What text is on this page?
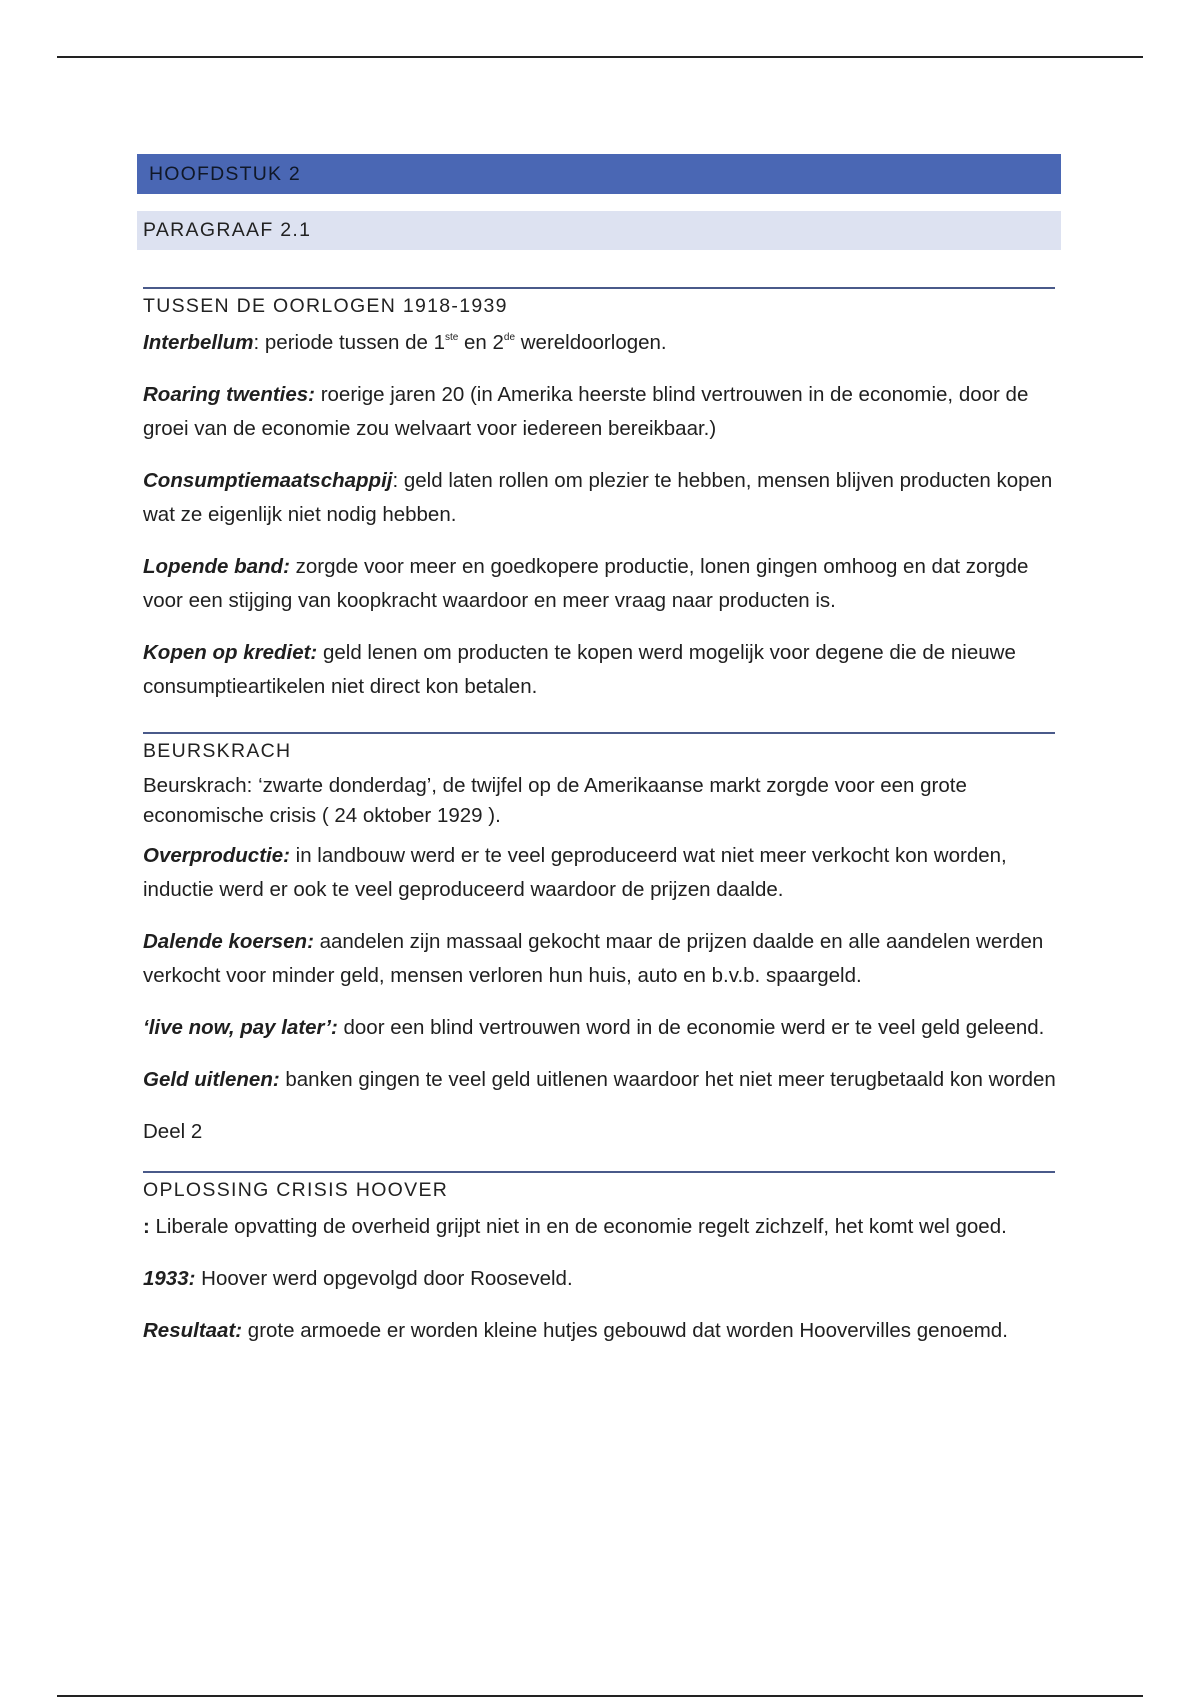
HOOFDSTUK 2
PARAGRAAF 2.1
TUSSEN DE OORLOGEN 1918-1939
Interbellum: periode tussen de 1ste en 2de wereldoorlogen.
Roaring twenties: roerige jaren 20 (in Amerika heerste blind vertrouwen in de economie, door de groei van de economie zou welvaart voor iedereen bereikbaar.)
Consumptiemaatschappij: geld laten rollen om plezier te hebben, mensen blijven producten kopen wat ze eigenlijk niet nodig hebben.
Lopende band: zorgde voor meer en goedkopere productie, lonen gingen omhoog en dat zorgde voor een stijging van koopkracht waardoor en meer vraag naar producten is.
Kopen op krediet: geld lenen om producten te kopen werd mogelijk voor degene die de nieuwe consumptieartikelen niet direct kon betalen.
BEURSKRACH
Beurskrach: ‘zwarte donderdag’, de twijfel op de Amerikaanse markt zorgde voor een grote economische crisis ( 24 oktober 1929 ).
Overproductie: in landbouw werd er te veel geproduceerd wat niet meer verkocht kon worden, inductie werd er ook te veel geproduceerd waardoor de prijzen daalde.
Dalende koersen: aandelen zijn massaal gekocht maar de prijzen daalde en alle aandelen werden verkocht voor minder geld, mensen verloren hun huis, auto en b.v.b. spaargeld.
‘live now, pay later’: door een blind vertrouwen word in de economie werd er te veel geld geleend.
Geld uitlenen: banken gingen te veel geld uitlenen waardoor het niet meer terugbetaald kon worden
Deel 2
OPLOSSING CRISIS HOOVER
: Liberale opvatting de overheid grijpt niet in en de economie regelt zichzelf, het komt wel goed.
1933: Hoover werd opgevolgd door Rooseveld.
Resultaat: grote armoede er worden kleine hutjes gebouwd dat worden Hoovervilles genoemd.
